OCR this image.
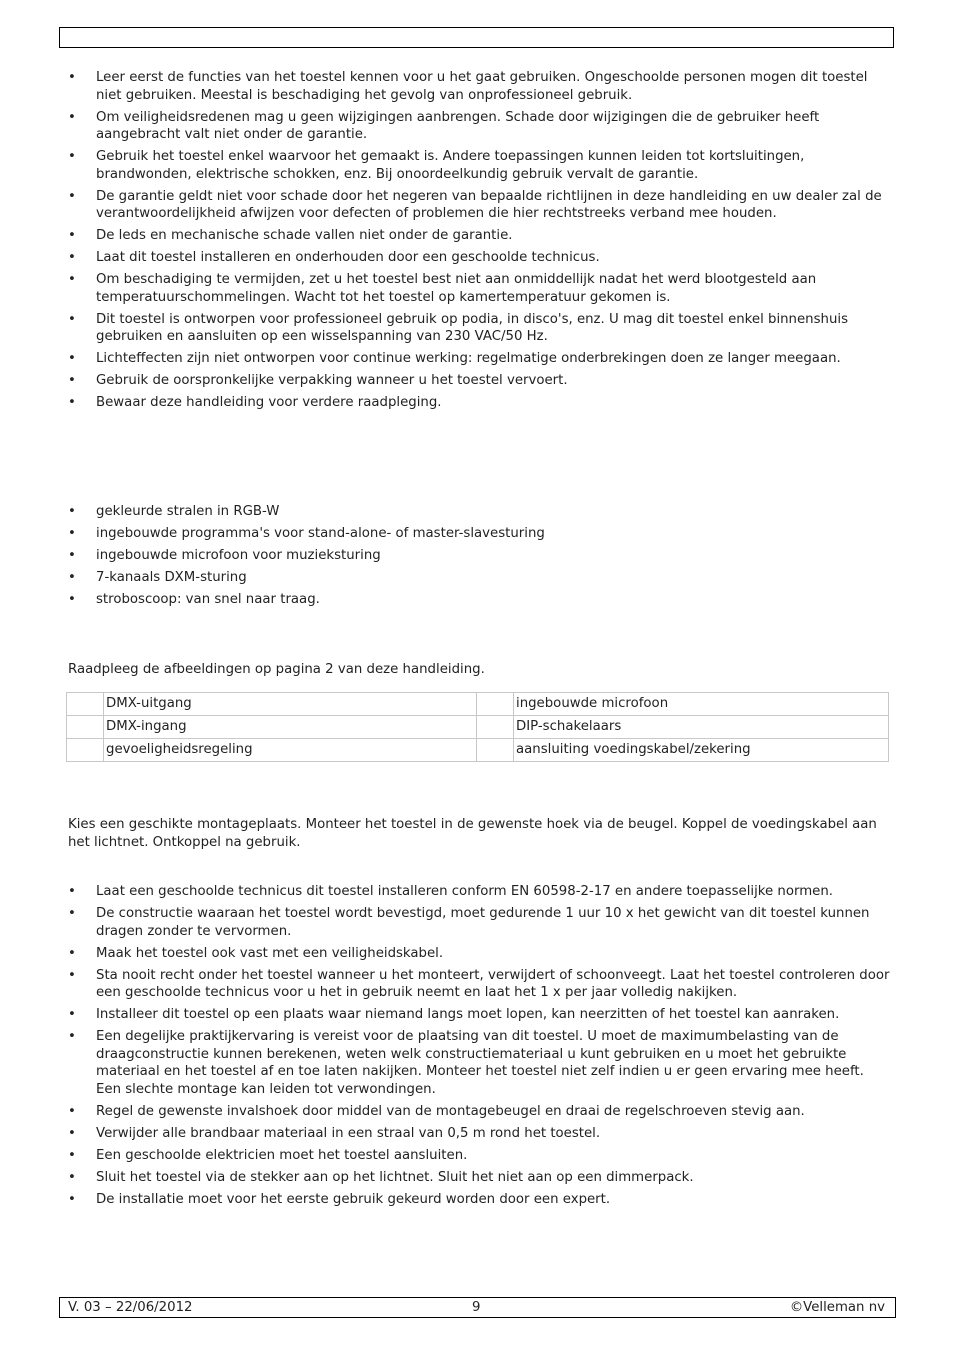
• Leer eerst de functies van het toestel kennen voor u het gaat gebruiken. Ongeschoolde personen mogen dit toestel niet gebruiken. Meestal is beschadiging het gevolg van onprofessioneel gebruik.
• Om veiligheidsredenen mag u geen wijzigingen aanbrengen. Schade door wijzigingen die de gebruiker heeft aangebracht valt niet onder de garantie.
• Gebruik het toestel enkel waarvoor het gemaakt is. Andere toepassingen kunnen leiden tot kortsluitingen, brandwonden, elektrische schokken, enz. Bij onoordeelkundig gebruik vervalt de garantie.
• De garantie geldt niet voor schade door het negeren van bepaalde richtlijnen in deze handleiding en uw dealer zal de verantwoordelijkheid afwijzen voor defecten of problemen die hier rechtstreeks verband mee houden.
• De leds en mechanische schade vallen niet onder de garantie.
• Laat dit toestel installeren en onderhouden door een geschoolde technicus.
• Om beschadiging te vermijden, zet u het toestel best niet aan onmiddellijk nadat het werd blootgesteld aan temperatuurschommelingen. Wacht tot het toestel op kamertemperatuur gekomen is.
• Dit toestel is ontworpen voor professioneel gebruik op podia, in disco's, enz. U mag dit toestel enkel binnenshuis gebruiken en aansluiten op een wisselspanning van 230 VAC/50 Hz.
• Lichteffecten zijn niet ontworpen voor continue werking: regelmatige onderbrekingen doen ze langer meegaan.
• Gebruik de oorspronkelijke verpakking wanneer u het toestel vervoert.
• Bewaar deze handleiding voor verdere raadpleging.
• gekleurde stralen in RGB-W
• ingebouwde programma's voor stand-alone- of master-slavesturing
• ingebouwde microfoon voor muzieksturing
• 7-kanaals DXM-sturing
• stroboscoop: van snel naar traag.

Raadpleeg de afbeeldingen op pagina 2 van deze handleiding.

	DMX-uitgang		ingebouwde microfoon
	DMX-ingang		DIP-schakelaars
	gevoeligheidsregeling		aansluiting voedingskabel/zekering

Kies een geschikte montageplaats. Monteer het toestel in de gewenste hoek via de beugel. Koppel de voedingskabel aan het lichtnet. Ontkoppel na gebruik.

• Laat een geschoolde technicus dit toestel installeren conform EN 60598-2-17 en andere toepasselijke normen.
• De constructie waaraan het toestel wordt bevestigd, moet gedurende 1 uur 10 x het gewicht van dit toestel kunnen dragen zonder te vervormen.
• Maak het toestel ook vast met een veiligheidskabel.
• Sta nooit recht onder het toestel wanneer u het monteert, verwijdert of schoonveegt. Laat het toestel controleren door een geschoolde technicus voor u het in gebruik neemt en laat het 1 x per jaar volledig nakijken.
• Installeer dit toestel op een plaats waar niemand langs moet lopen, kan neerzitten of het toestel kan aanraken.
• Een degelijke praktijkervaring is vereist voor de plaatsing van dit toestel. U moet de maximumbelasting van de draagconstructie kunnen berekenen, weten welk constructiemateriaal u kunt gebruiken en u moet het gebruikte materiaal en het toestel af en toe laten nakijken. Monteer het toestel niet zelf indien u er geen ervaring mee heeft. Een slechte montage kan leiden tot verwondingen.
• Regel de gewenste invalshoek door middel van de montagebeugel en draai de regelschroeven stevig aan.
• Verwijder alle brandbaar materiaal in een straal van 0,5 m rond het toestel.
• Een geschoolde elektricien moet het toestel aansluiten.
• Sluit het toestel via de stekker aan op het lichtnet. Sluit het niet aan op een dimmerpack.
• De installatie moet voor het eerste gebruik gekeurd worden door een expert.
V. 03 – 22/06/2012	9	©Velleman nv
